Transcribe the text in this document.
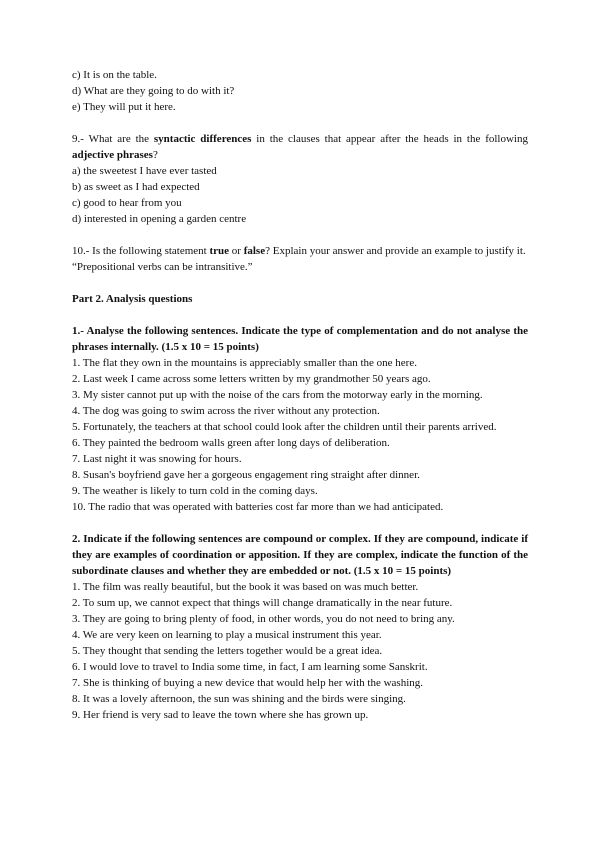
c) It is on the table.
d) What are they going to do with it?
e) They will put it here.
9.- What are the syntactic differences in the clauses that appear after the heads in the following adjective phrases?
a) the sweetest I have ever tasted
b) as sweet as I had expected
c) good to hear from you
d) interested in opening a garden centre
10.- Is the following statement true or false? Explain your answer and provide an example to justify it.
“Prepositional verbs can be intransitive.”
Part 2. Analysis questions
1.- Analyse the following sentences. Indicate the type of complementation and do not analyse the phrases internally. (1.5 x 10 = 15 points)
1. The flat they own in the mountains is appreciably smaller than the one here.
2. Last week I came across some letters written by my grandmother 50 years ago.
3. My sister cannot put up with the noise of the cars from the motorway early in the morning.
4. The dog was going to swim across the river without any protection.
5. Fortunately, the teachers at that school could look after the children until their parents arrived.
6. They painted the bedroom walls green after long days of deliberation.
7. Last night it was snowing for hours.
8. Susan's boyfriend gave her a gorgeous engagement ring straight after dinner.
9. The weather is likely to turn cold in the coming days.
10. The radio that was operated with batteries cost far more than we had anticipated.
2. Indicate if the following sentences are compound or complex. If they are compound, indicate if they are examples of coordination or apposition. If they are complex, indicate the function of the subordinate clauses and whether they are embedded or not. (1.5 x 10 = 15 points)
1. The film was really beautiful, but the book it was based on was much better.
2. To sum up, we cannot expect that things will change dramatically in the near future.
3. They are going to bring plenty of food, in other words, you do not need to bring any.
4. We are very keen on learning to play a musical instrument this year.
5. They thought that sending the letters together would be a great idea.
6. I would love to travel to India some time, in fact, I am learning some Sanskrit.
7. She is thinking of buying a new device that would help her with the washing.
8. It was a lovely afternoon, the sun was shining and the birds were singing.
9. Her friend is very sad to leave the town where she has grown up.
